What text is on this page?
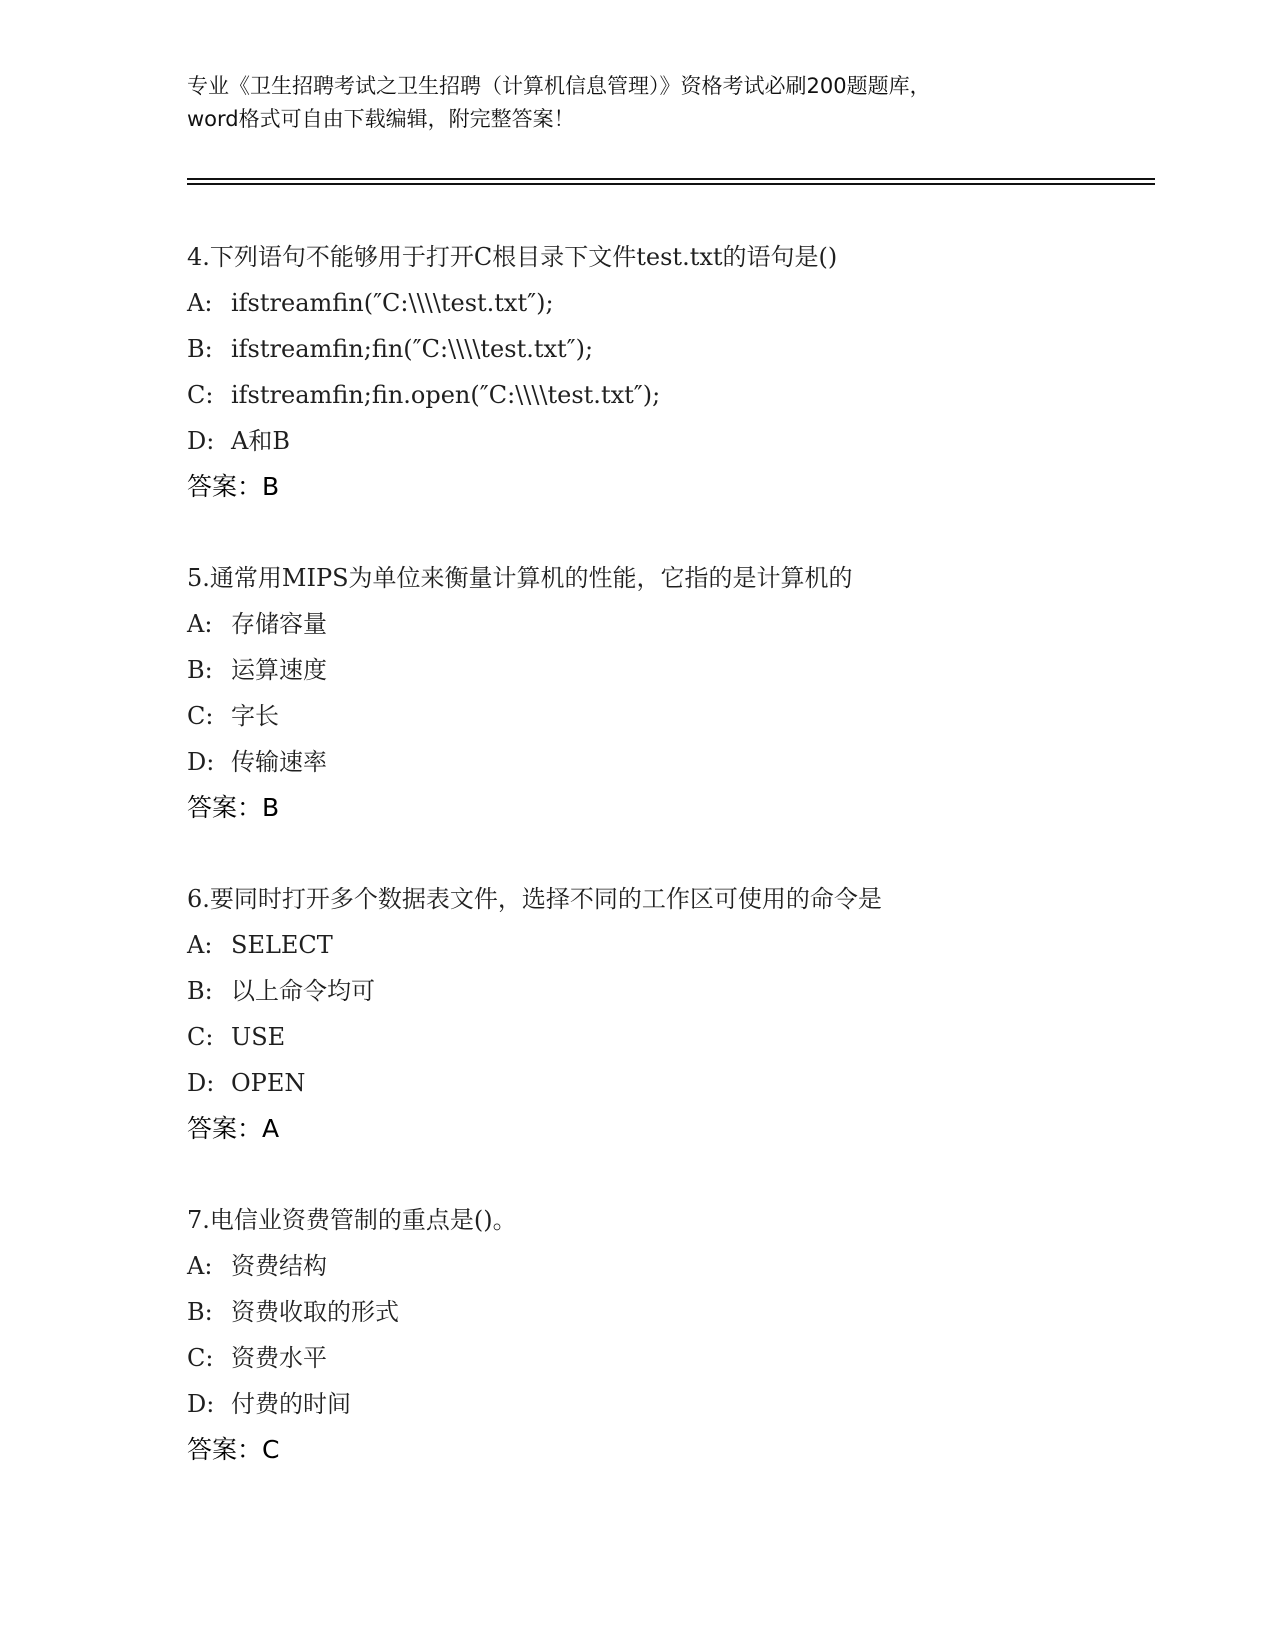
专业《卫生招聘考试之卫生招聘（计算机信息管理）》资格考试必刷200题题库，
word格式可自由下载编辑，附完整答案！
4.下列语句不能够用于打开C根目录下文件test.txt的语句是()
A: ifstreamfin(″C:\\\\test.txt″);
B: ifstreamfin;fin(″C:\\\\test.txt″);
C: ifstreamfin;fin.open(″C:\\\\test.txt″);
D: A和B
答案：B
5.通常用MIPS为单位来衡量计算机的性能，它指的是计算机的
A: 存储容量
B: 运算速度
C: 字长
D: 传输速率
答案：B
6.要同时打开多个数据表文件，选择不同的工作区可使用的命令是
A: SELECT
B: 以上命令均可
C: USE
D: OPEN
答案：A
7.电信业资费管制的重点是()。
A: 资费结构
B: 资费收取的形式
C: 资费水平
D: 付费的时间
答案：C
